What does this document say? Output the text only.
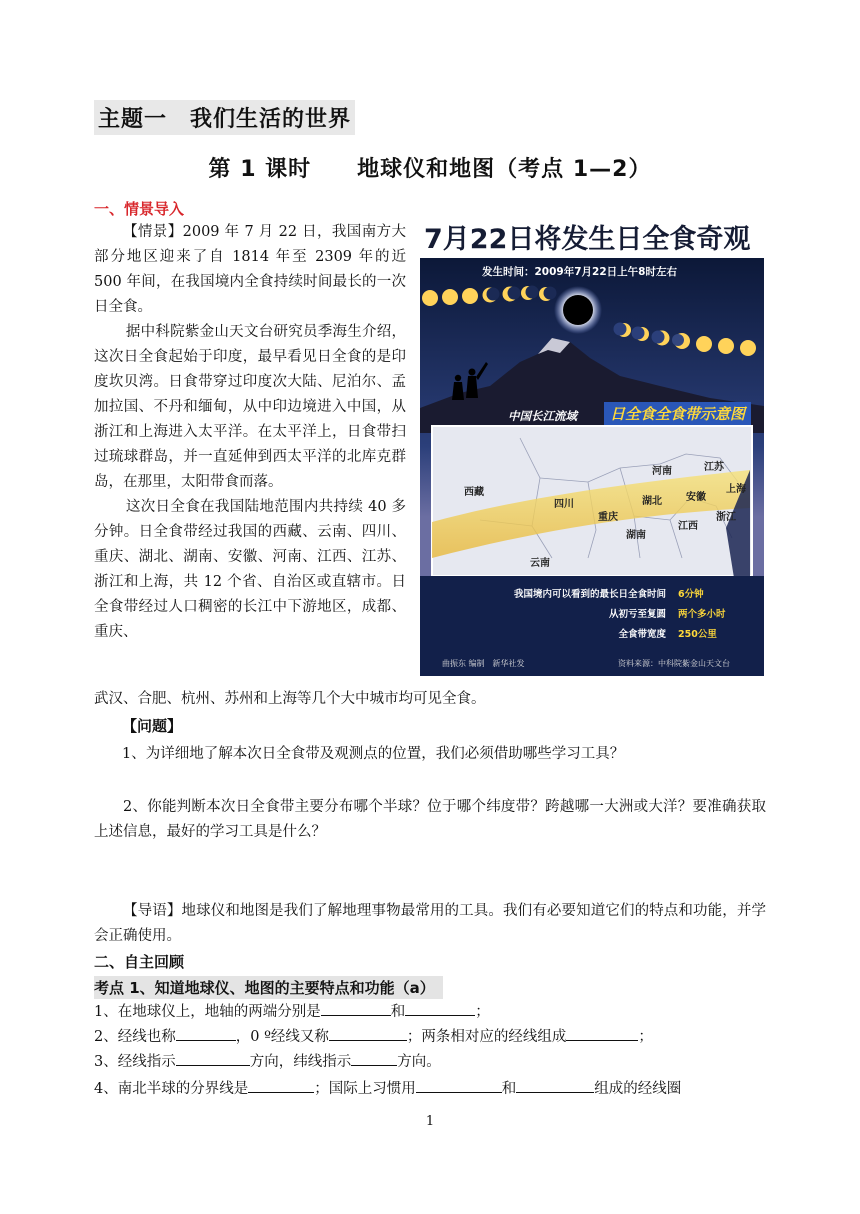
主题一　我们生活的世界
第 1 课时　　地球仪和地图（考点 1—2）
一、情景导入

【情景】2009 年 7 月 22 日，我国南方大部分地区迎来了自 1814 年至 2309 年的近 500 年间，在我国境内全食持续时间最长的一次日全食。

据中科院紫金山天文台研究员季海生介绍，这次日全食起始于印度，最早看见日全食的是印度坎贝湾。日食带穿过印度次大陆、尼泊尔、孟加拉国、不丹和缅甸，从中印边境进入中国，从浙江和上海进入太平洋。在太平洋上，日食带扫过琉球群岛，并一直延伸到西太平洋的北库克群岛，在那里，太阳带食而落。

这次日全食在我国陆地范围内共持续 40 多分钟。日全食带经过我国的西藏、云南、四川、重庆、湖北、湖南、安徽、河南、江西、江苏、浙江和上海，共 12 个省、自治区或直辖市。日全食带经过人口稠密的长江中下游地区，成都、重庆、

7月22日将发生日全食奇观
发生时间：2009年7月22日上午8时左右
中国长江流域	日全食全食带示意图
西藏
四川
重庆
湖北
湖南
安徽
河南	江苏
上海
江西
浙江
云南
我国境内可以看到的最长日全食时间 6分钟
从初亏至复圆 两个多小时
全食带宽度 250公里
曲振东 编制　新华社发	资料来源：中科院紫金山天文台
武汉、合肥、杭州、苏州和上海等几个大中城市均可见全食。
【问题】
1、为详细地了解本次日全食带及观测点的位置，我们必须借助哪些学习工具？
2、你能判断本次日全食带主要分布哪个半球？位于哪个纬度带？跨越哪一大洲或大洋？要准确获取上述信息，最好的学习工具是什么？
【导语】地球仪和地图是我们了解地理事物最常用的工具。我们有必要知道它们的特点和功能，并学会正确使用。
二、自主回顾
考点 1、知道地球仪、地图的主要特点和功能（a）
1、在地球仪上，地轴的两端分别是	和	；
2、经线也称	，0 º经线又称	；两条相对应的经线组成	；
3、经线指示	方向，纬线指示	方向。
4、南北半球的分界线是	；国际上习惯用	和	组成的经线圈
1
